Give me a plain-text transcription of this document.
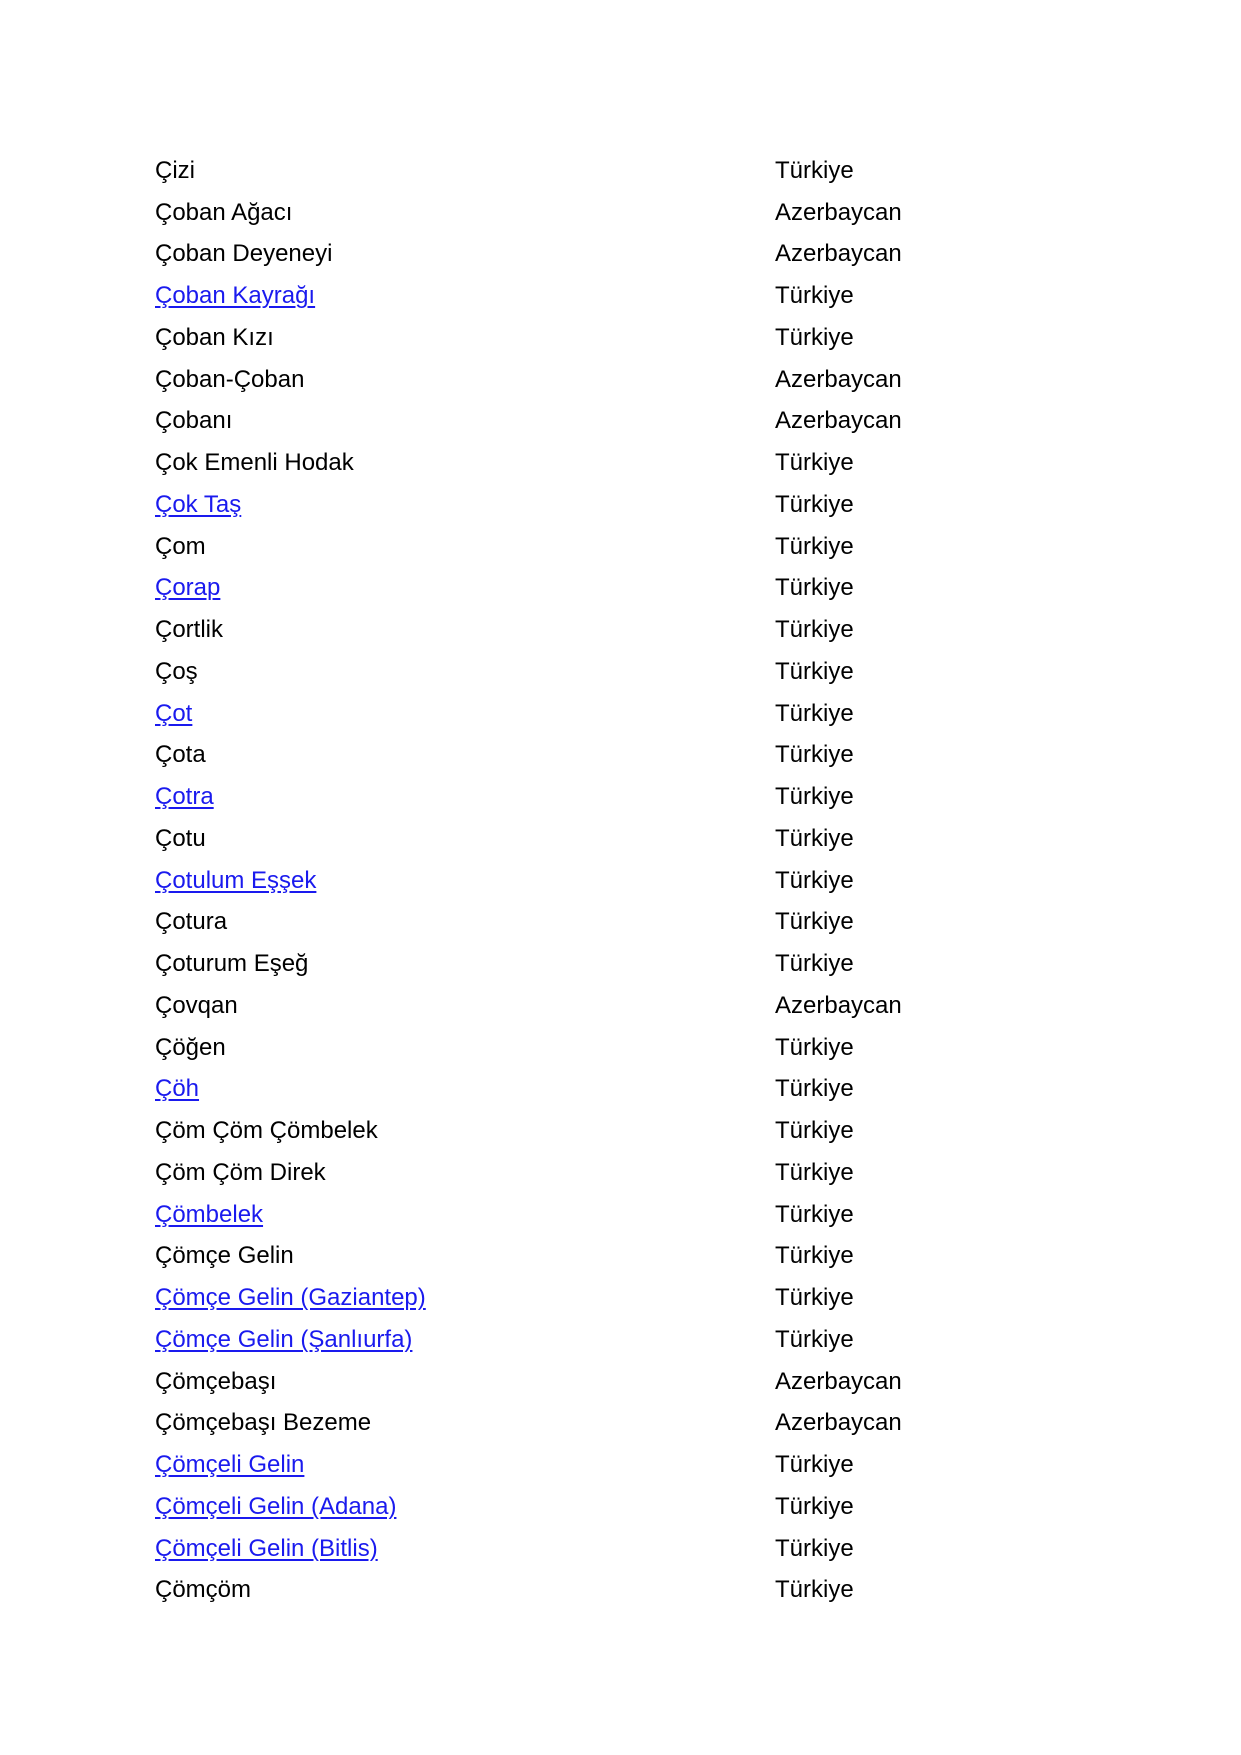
Çizi	Türkiye
Çoban Ağacı	Azerbaycan
Çoban Deyeneyi	Azerbaycan
Çoban Kayrağı	Türkiye
Çoban Kızı	Türkiye
Çoban-Çoban	Azerbaycan
Çobanı	Azerbaycan
Çok Emenli Hodak	Türkiye
Çok Taş	Türkiye
Çom	Türkiye
Çorap	Türkiye
Çortlik	Türkiye
Çoş	Türkiye
Çot	Türkiye
Çota	Türkiye
Çotra	Türkiye
Çotu	Türkiye
Çotulum Eşşek	Türkiye
Çotura	Türkiye
Çoturum Eşeğ	Türkiye
Çovqan	Azerbaycan
Çöğen	Türkiye
Çöh	Türkiye
Çöm Çöm Çömbelek	Türkiye
Çöm Çöm Direk	Türkiye
Çömbelek	Türkiye
Çömçe Gelin	Türkiye
Çömçe Gelin (Gaziantep)	Türkiye
Çömçe Gelin (Şanlıurfa)	Türkiye
Çömçebaşı	Azerbaycan
Çömçebaşı Bezeme	Azerbaycan
Çömçeli Gelin	Türkiye
Çömçeli Gelin (Adana)	Türkiye
Çömçeli Gelin (Bitlis)	Türkiye
Çömçöm	Türkiye
